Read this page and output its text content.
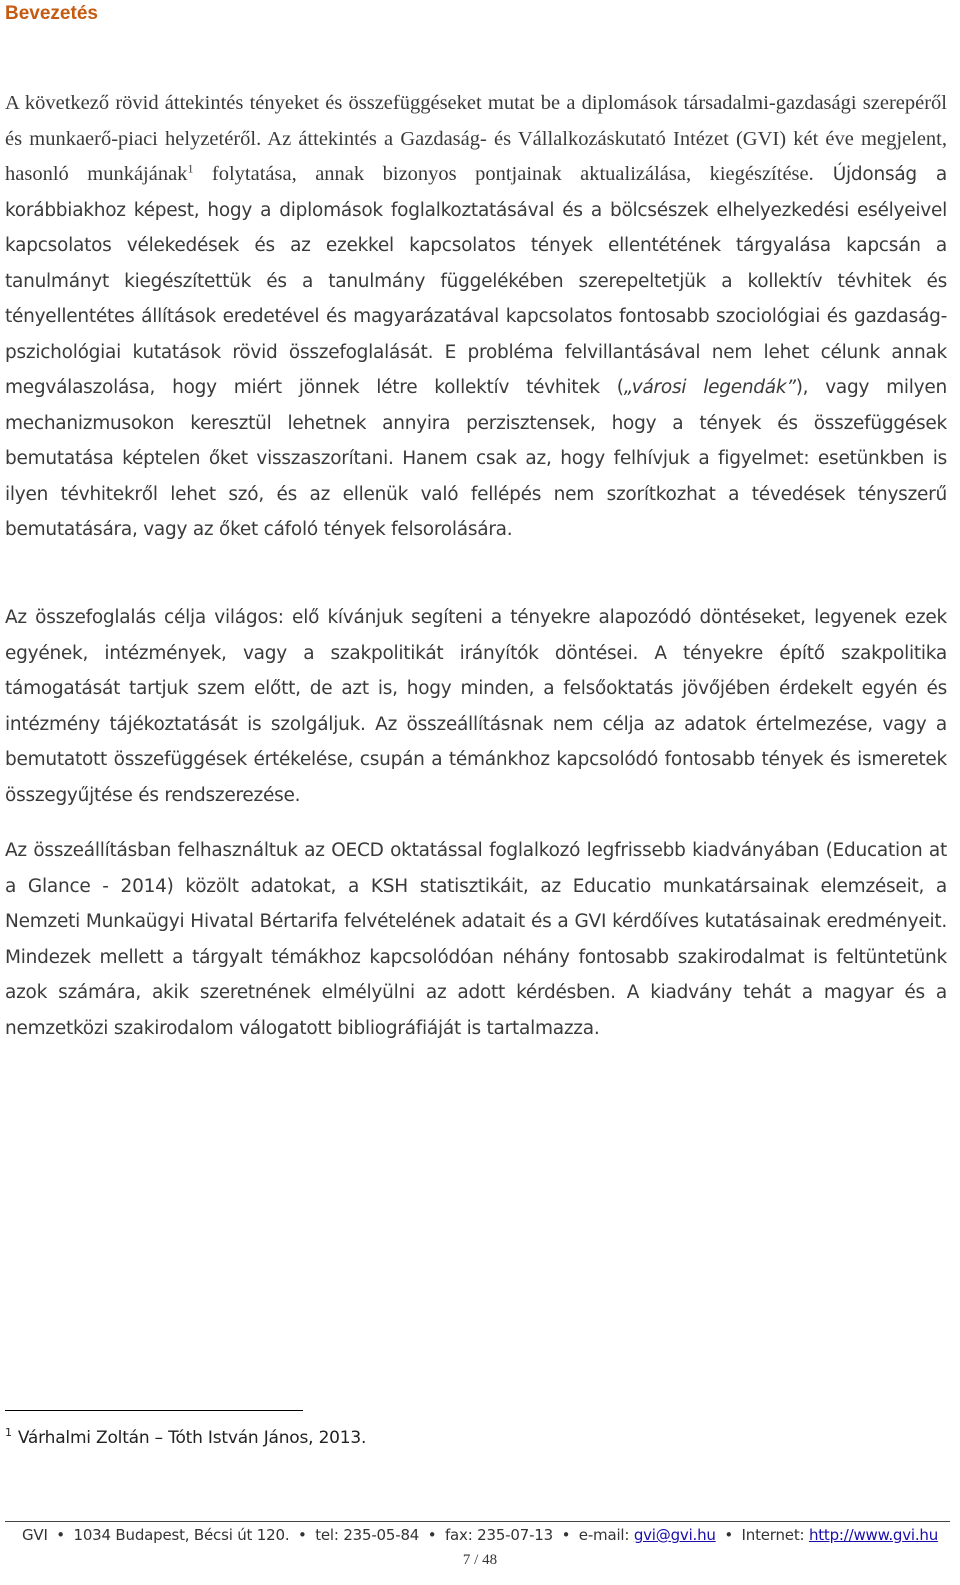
Bevezetés

A következő rövid áttekintés tényeket és összefüggéseket mutat be a diplomások társadalmi-gazdasági szerepéről és munkaerő-piaci helyzetéről. Az áttekintés a Gazdaság- és Vállalkozáskutató Intézet (GVI) két éve megjelent, hasonló munkájának$^1$ folytatása, annak bizonyos pontjainak aktualizálása, kiegészítése. Újdonság a korábbiakhoz képest, hogy a diplomások foglalkoztatásával és a bölcsészek elhelyezkedési esélyeivel kapcsolatos vélekedések és az ezekkel kapcsolatos tények ellentétének tárgyalása kapcsán a tanulmányt kiegészítettük és a tanulmány függelékében szerepeltetjük a kollektív tévhitek és tényellentétes állítások eredetével és magyarázatával kapcsolatos fontosabb szociológiai és gazdaság-pszichológiai kutatások rövid összefoglalását. E probléma felvillantásával nem lehet célunk annak megválaszolása, hogy miért jönnek létre kollektív tévhitek („városi legendák”), vagy milyen mechanizmusokon keresztül lehetnek annyira perzisztensek, hogy a tények és összefüggések bemutatása képtelen őket visszaszorítani. Hanem csak az, hogy felhívjuk a figyelmet: esetünkben is ilyen tévhitekről lehet szó, és az ellenük való fellépés nem szorítkozhat a tévedések tényszerű bemutatására, vagy az őket cáfoló tények felsorolására.

Az összefoglalás célja világos: elő kívánjuk segíteni a tényekre alapozódó döntéseket, legyenek ezek egyének, intézmények, vagy a szakpolitikát irányítók döntései. A tényekre építő szakpolitika támogatását tartjuk szem előtt, de azt is, hogy minden, a felsőoktatás jövőjében érdekelt egyén és intézmény tájékoztatását is szolgáljuk. Az összeállításnak nem célja az adatok értelmezése, vagy a bemutatott összefüggések értékelése, csupán a témánkhoz kapcsolódó fontosabb tények és ismeretek összegyűjtése és rendszerezése.

Az összeállításban felhasználtuk az OECD oktatással foglalkozó legfrissebb kiadványában (Education at a Glance - 2014) közölt adatokat, a KSH statisztikáit, az Educatio munkatársainak elemzéseit, a Nemzeti Munkaügyi Hivatal Bértarifa felvételének adatait és a GVI kérdőíves kutatásainak eredményeit. Mindezek mellett a tárgyalt témákhoz kapcsolódóan néhány fontosabb szakirodalmat is feltüntetünk azok számára, akik szeretnének elmélyülni az adott kérdésben. A kiadvány tehát a magyar és a nemzetközi szakirodalom válogatott bibliográfiáját is tartalmazza.

$^1$ Várhalmi Zoltán – Tóth István János, 2013.
GVI • 1034 Budapest, Bécsi út 120. • tel: 235-05-84 • fax: 235-07-13 • e-mail: gvi@gvi.hu • Internet: http://www.gvi.hu
7 / 48
